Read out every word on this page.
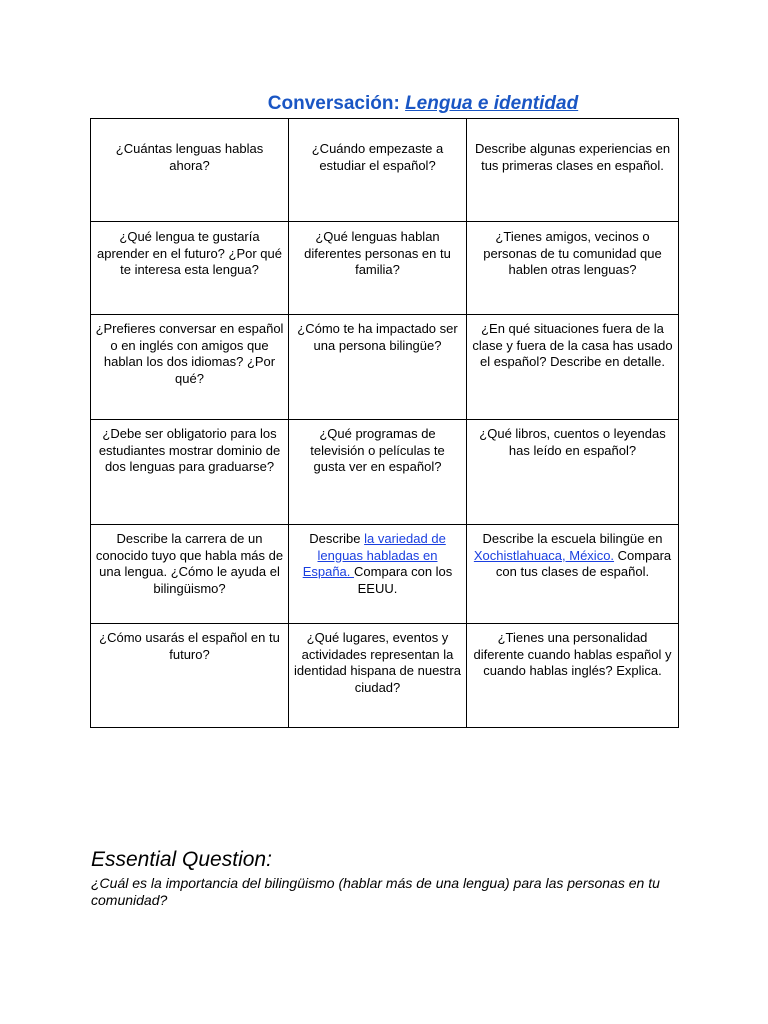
Conversación: Lengua e identidad
¿Cuántas lenguas hablas ahora?	¿Cuándo empezaste a estudiar el español?	Describe algunas experiencias en tus primeras clases en español.
¿Qué lengua te gustaría aprender en el futuro? ¿Por qué te interesa esta lengua?	¿Qué lenguas hablan diferentes personas en tu familia?	¿Tienes amigos, vecinos o personas de tu comunidad que hablen otras lenguas?
¿Prefieres conversar en español o en inglés con amigos que hablan los dos idiomas? ¿Por qué?	¿Cómo te ha impactado ser una persona bilingüe?	¿En qué situaciones fuera de la clase y fuera de la casa has usado el español? Describe en detalle.
¿Debe ser obligatorio para los estudiantes mostrar dominio de dos lenguas para graduarse?	¿Qué programas de televisión o películas te gusta ver en español?	¿Qué libros, cuentos o leyendas has leído en español?
Describe la carrera de un conocido tuyo que habla más de una lengua. ¿Cómo le ayuda el bilingüismo?	Describe la variedad de lenguas habladas en España. Compara con los EEUU.	Describe la escuela bilingüe en Xochistlahuaca, México. Compara con tus clases de español.
¿Cómo usarás el español en tu futuro?	¿Qué lugares, eventos y actividades representan la identidad hispana de nuestra ciudad?	¿Tienes una personalidad diferente cuando hablas español y cuando hablas inglés? Explica.
Essential Question:
¿Cuál es la importancia del bilingüismo (hablar más de una lengua) para las personas en tu comunidad?
